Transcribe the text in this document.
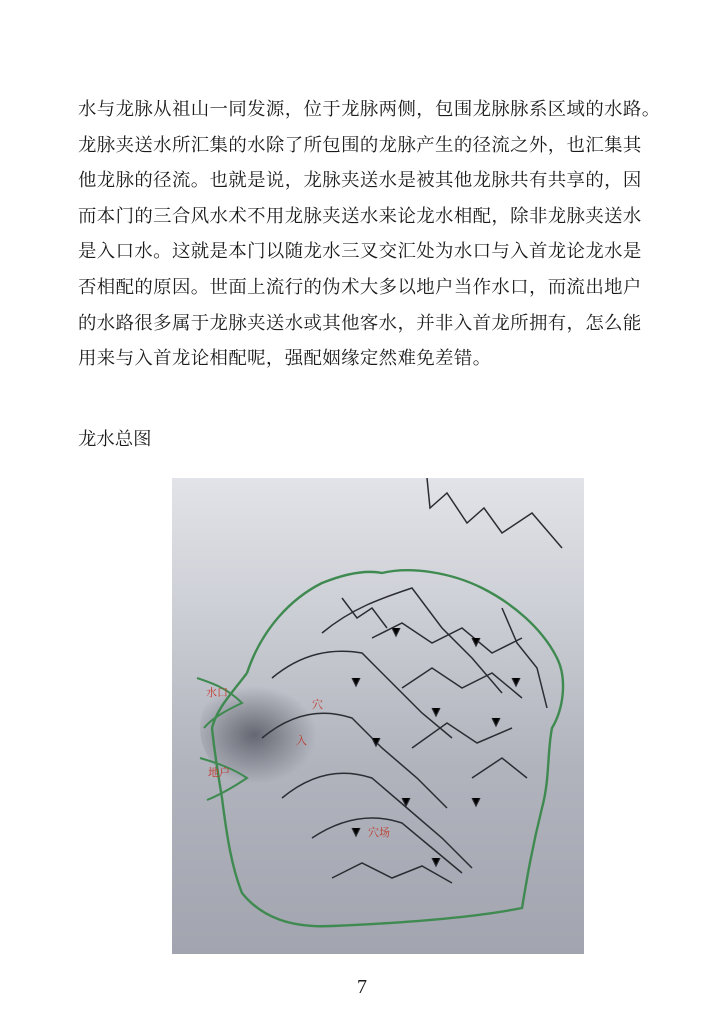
水与龙脉从祖山一同发源，位于龙脉两侧，包围龙脉脉系区域的水路。
龙脉夹送水所汇集的水除了所包围的龙脉产生的径流之外，也汇集其
他龙脉的径流。也就是说，龙脉夹送水是被其他龙脉共有共享的，因
而本门的三合风水术不用龙脉夹送水来论龙水相配，除非龙脉夹送水
是入口水。这就是本门以随龙水三叉交汇处为水口与入首龙论龙水是
否相配的原因。世面上流行的伪术大多以地户当作水口，而流出地户
的水路很多属于龙脉夹送水或其他客水，并非入首龙所拥有，怎么能
用来与入首龙论相配呢，强配姻缘定然难免差错。
龙水总图
水口
入
穴
地户
穴场
7
